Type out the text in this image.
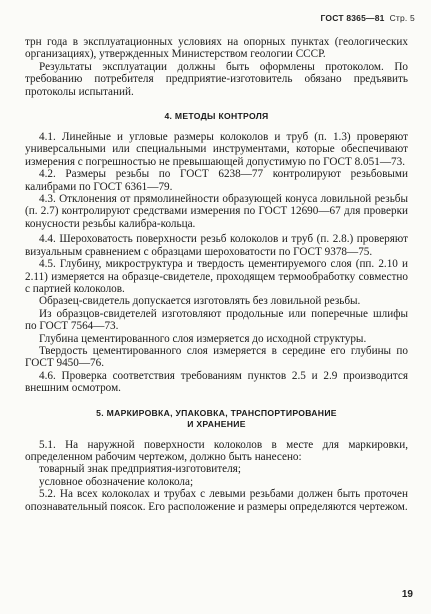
ГОСТ 8365—81 Стр. 5

трн года в эксплуатационных условиях на опорных пунктах (геологических организациях), утвержденных Министерством геологии СССР.

Результаты эксплуатации должны быть оформлены протоколом. По требованию потребителя предприятие-изготовитель обязано предъявить протоколы испытаний.

4. МЕТОДЫ КОНТРОЛЯ

4.1. Линейные и угловые размеры колоколов и труб (п. 1.3) проверяют универсальными или специальными инструментами, которые обеспечивают измерения с погрешностью не превышающей допустимую по ГОСТ 8.051—73.

4.2. Размеры резьбы по ГОСТ 6238—77 контролируют резьбовыми калибрами по ГОСТ 6361—79.

4.3. Отклонения от прямолинейности образующей конуса ловильной резьбы (п. 2.7) контролируют средствами измерения по ГОСТ 12690—67 для проверки конусности резьбы калибра-кольца.

4.4. Шероховатость поверхности резьб колоколов и труб (п. 2.8.) проверяют визуальным сравнением с образцами шероховатости по ГОСТ 9378—75.

4.5. Глубину, микроструктура и твердость цементируемого слоя (пп. 2.10 и 2.11) измеряется на образце-свидетеле, проходящем термообработку совместно с партией колоколов.

Образец-свидетель допускается изготовлять без ловильной резьбы.

Из образцов-свидетелей изготовляют продольные или поперечные шлифы по ГОСТ 7564—73.

Глубина цементированного слоя измеряется до исходной структуры.

Твердость цементированного слоя измеряется в середине его глубины по ГОСТ 9450—76.

4.6. Проверка соответствия требованиям пунктов 2.5 и 2.9 производится внешним осмотром.

5. МАРКИРОВКА, УПАКОВКА, ТРАНСПОРТИРОВАНИЕ
И ХРАНЕНИЕ

5.1. На наружной поверхности колоколов в месте для маркировки, определенном рабочим чертежом, должно быть нанесено:

товарный знак предприятия-изготовителя;

условное обозначение колокола;

5.2. На всех колоколах и трубах с левыми резьбами должен быть проточен опознавательный поясок. Его расположение и размеры определяются чертежом.

19
